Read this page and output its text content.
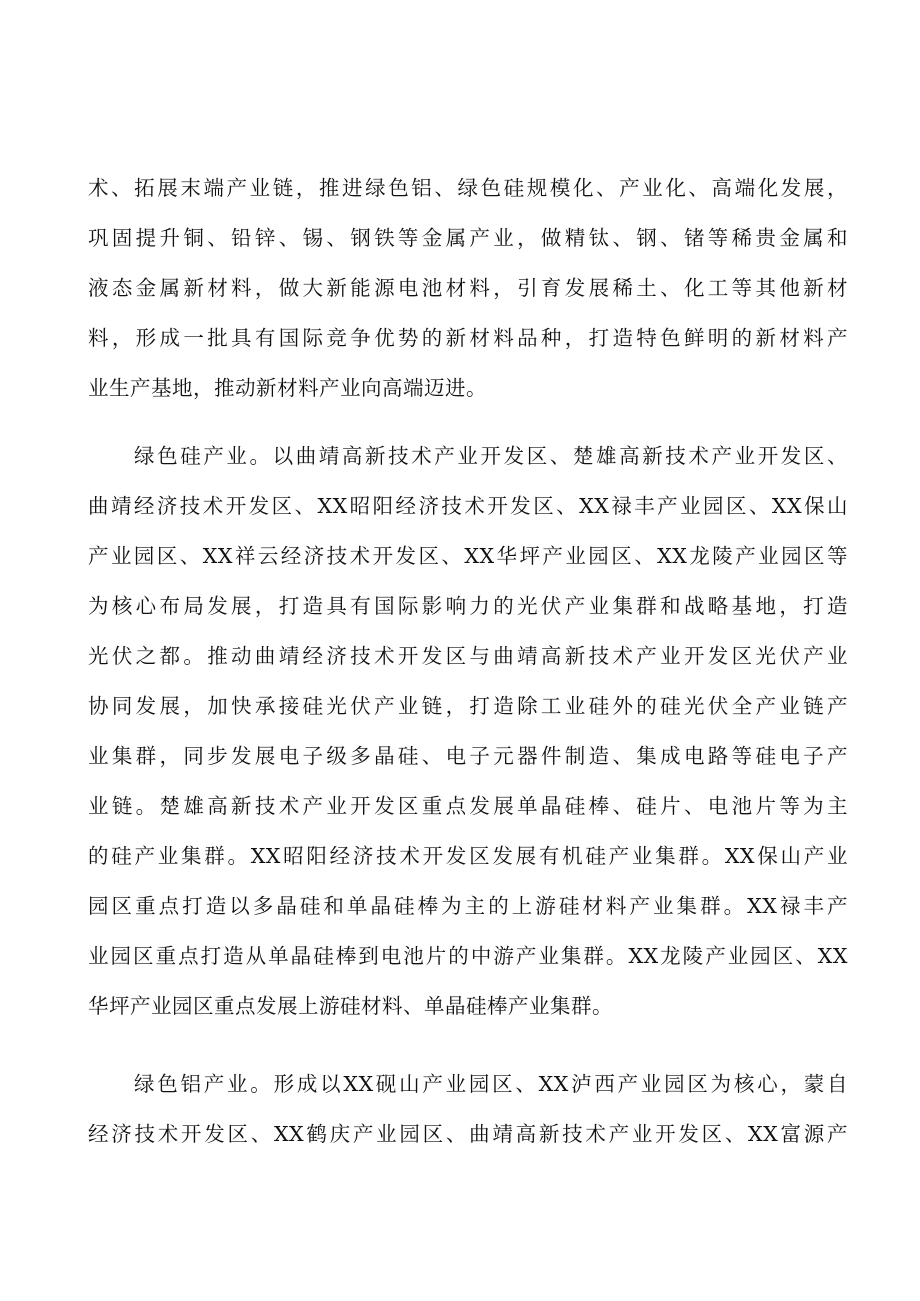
术、拓展末端产业链，推进绿色铝、绿色硅规模化、产业化、高端化发展，
巩固提升铜、铅锌、锡、钢铁等金属产业，做精钛、钢、锗等稀贵金属和
液态金属新材料，做大新能源电池材料，引育发展稀土、化工等其他新材
料，形成一批具有国际竞争优势的新材料品种，打造特色鲜明的新材料产
业生产基地，推动新材料产业向高端迈进。
绿色硅产业。以曲靖高新技术产业开发区、楚雄高新技术产业开发区、
曲靖经济技术开发区、XX昭阳经济技术开发区、XX禄丰产业园区、XX保山
产业园区、XX祥云经济技术开发区、XX华坪产业园区、XX龙陵产业园区等
为核心布局发展，打造具有国际影响力的光伏产业集群和战略基地，打造
光伏之都。推动曲靖经济技术开发区与曲靖高新技术产业开发区光伏产业
协同发展，加快承接硅光伏产业链，打造除工业硅外的硅光伏全产业链产
业集群，同步发展电子级多晶硅、电子元器件制造、集成电路等硅电子产
业链。楚雄高新技术产业开发区重点发展单晶硅棒、硅片、电池片等为主
的硅产业集群。XX昭阳经济技术开发区发展有机硅产业集群。XX保山产业
园区重点打造以多晶硅和单晶硅棒为主的上游硅材料产业集群。XX禄丰产
业园区重点打造从单晶硅棒到电池片的中游产业集群。XX龙陵产业园区、XX
华坪产业园区重点发展上游硅材料、单晶硅棒产业集群。
绿色铝产业。形成以XX砚山产业园区、XX泸西产业园区为核心，蒙自
经济技术开发区、XX鹤庆产业园区、曲靖高新技术产业开发区、XX富源产
